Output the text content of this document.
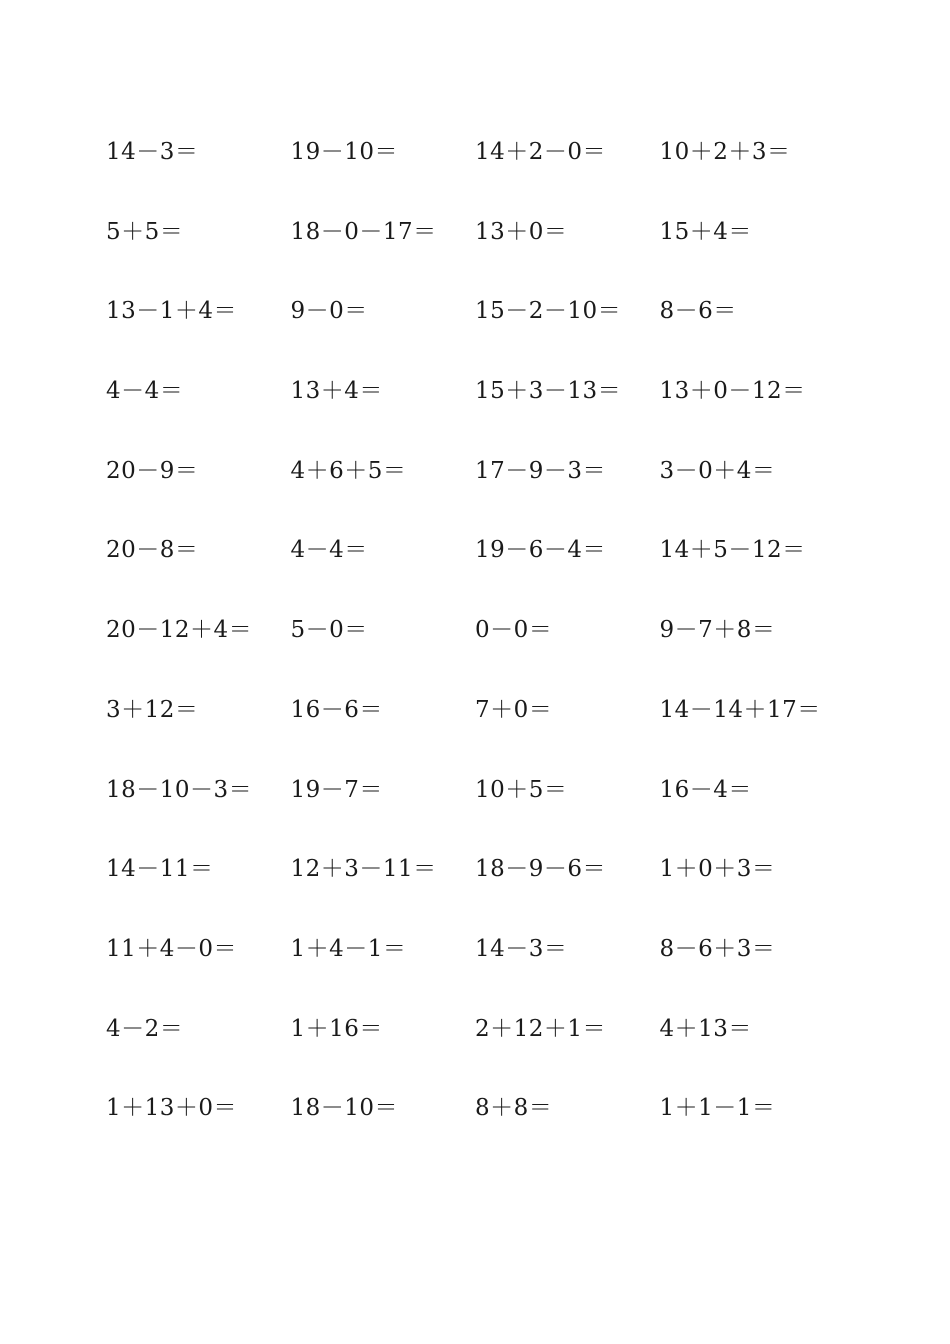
14－3＝	19－10＝	14＋2－0＝	10＋2＋3＝
5＋5＝	18－0－17＝	13＋0＝	15＋4＝
13－1＋4＝	9－0＝	15－2－10＝	8－6＝
4－4＝	13＋4＝	15＋3－13＝	13＋0－12＝
20－9＝	4＋6＋5＝	17－9－3＝	3－0＋4＝
20－8＝	4－4＝	19－6－4＝	14＋5－12＝
20－12＋4＝	5－0＝	0－0＝	9－7＋8＝
3＋12＝	16－6＝	7＋0＝	14－14＋17＝
18－10－3＝	19－7＝	10＋5＝	16－4＝
14－11＝	12＋3－11＝	18－9－6＝	1＋0＋3＝
11＋4－0＝	1＋4－1＝	14－3＝	8－6＋3＝
4－2＝	1＋16＝	2＋12＋1＝	4＋13＝
1＋13＋0＝	18－10＝	8＋8＝	1＋1－1＝
